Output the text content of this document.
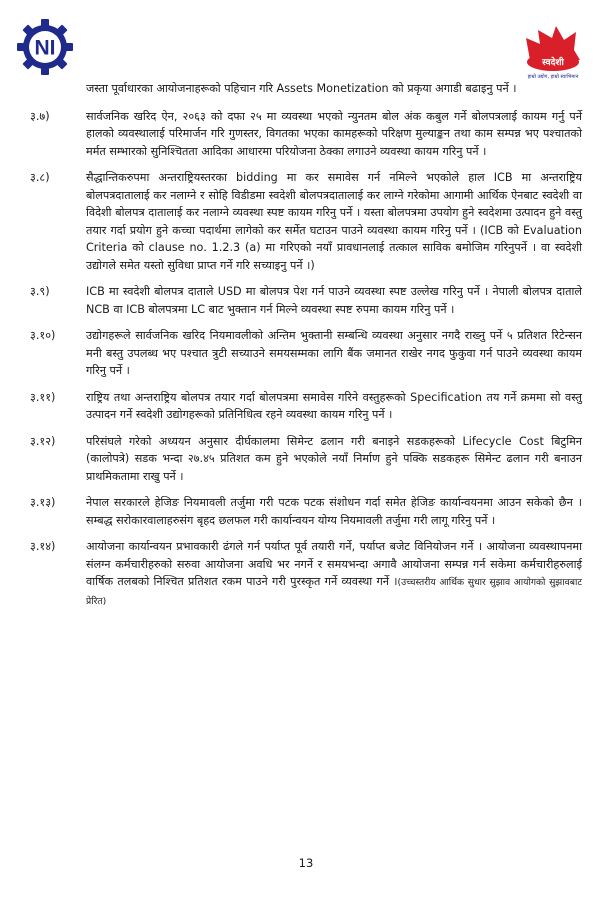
NI
स्वदेशी
हाम्रो उद्योग, हाम्रो स्वाभिमान
जस्ता पूर्वाधारका आयोजनाहरूको पहिचान गरि Assets Monetization को प्रकृया अगाडी बढाइनु पर्ने ।
३.७)	सार्वजनिक खरिद ऐन, २०६३ को दफा २५ मा व्यवस्था भएको न्युनतम बोल अंक कबुल गर्ने बोलपत्रलाई कायम गर्नु पर्ने हालको व्यवस्थालाई परिमार्जन गरि गुणस्तर, विगतका भएका कामहरूको परिक्षण मुल्याङ्कन तथा काम सम्पन्न भए पश्चातको मर्मत सम्भारको सुनिश्चितता आदिका आधारमा परियोजना ठेक्का लगाउने व्यवस्था कायम गरिनु पर्ने ।
३.८)	सैद्धान्तिकरुपमा अन्तराष्ट्रियस्तरका bidding मा कर समावेस गर्न नमिल्ने भएकोले हाल ICB मा अन्तराष्ट्रिय बोलपत्रदातालाई कर नलाग्ने र सोहि विडीडमा स्वदेशी बोलपत्रदातालाई कर लाग्ने गरेकोमा आगामी आर्थिक ऐनबाट स्वदेशी वा विदेशी बोलपत्र दातालाई कर नलाग्ने व्यवस्था स्पष्ट कायम गरिनु पर्ने । यस्ता बोलपत्रमा उपयोग हुने स्वदेशमा उत्पादन हुने वस्तु तयार गर्दा प्रयोग हुने कच्चा पदार्थमा लागेको कर सर्मेत घटाउन पाउने व्यवस्था कायम गरिनु पर्ने । (ICB को Evaluation Criteria को clause no. 1.2.3 (a) मा गरिएको नयाँ प्रावधानलाई तत्काल साविक बमोजिम गरिनुपर्ने । वा स्वदेशी उद्योगले समेत यस्तो सुविधा प्राप्त गर्ने गरि सच्याइनु पर्ने ।)
३.९)	ICB मा स्वदेशी बोलपत्र दाताले USD मा बोलपत्र पेश गर्न पाउने व्यवस्था स्पष्ट उल्लेख गरिनु पर्ने । नेपाली बोलपत्र दाताले NCB वा ICB बोलपत्रमा LC बाट भुक्तान गर्न मिल्ने व्यवस्था स्पष्ट रुपमा कायम गरिनु पर्ने ।
३.१०)	उद्योगहरूले सार्वजनिक खरिद नियमावलीको अन्तिम भुक्तानी सम्बन्धि व्यवस्था अनुसार नगदै राख्नु पर्ने ५ प्रतिशत रिटेन्सन मनी बस्तु उपलब्ध भए पश्चात त्रुटी सच्याउने समयसम्मका लागि बैंक जमानत राखेर नगद फुकुवा गर्न पाउने व्यवस्था कायम गरिनु पर्ने ।
३.११)	राष्ट्रिय तथा अन्तराष्ट्रिय बोलपत्र तयार गर्दा बोलपत्रमा समावेस गरिने वस्तुहरूको Specification तय गर्ने क्रममा सो वस्तु उत्पादन गर्ने स्वदेशी उद्योगहरूको प्रतिनिधित्व रहने व्यवस्था कायम गरिनु पर्ने ।
३.१२)	परिसंघले गरेको अध्ययन अनुसार दीर्घकालमा सिमेन्ट ढलान गरी बनाइने सडकहरूको Lifecycle Cost बिटुमिन (कालोपत्रे) सडक भन्दा २७.४५ प्रतिशत कम हुने भएकोले नयाँ निर्माण हुने पक्कि सडकहरू सिमेन्ट ढलान गरी बनाउन प्राथमिकतामा राखु पर्ने ।
३.१३)	नेपाल सरकारले हेजिङ नियमावली तर्जुमा गरी पटक पटक संशोधन गर्दा समेत हेजिङ कार्यान्वयनमा आउन सकेको छैन । सम्बद्ध सरोकारवालाहरुसंग बृहद छलफल गरी कार्यान्वयन योग्य नियमावली तर्जुमा गरी लागू गरिनु पर्ने ।
३.१४)	आयोजना कार्यान्वयन प्रभावकारी ढंगले गर्न पर्याप्त पूर्व तयारी गर्ने, पर्याप्त बजेट विनियोजन गर्ने । आयोजना व्यवस्थापनमा संलग्न कर्मचारीहरुको सरुवा आयोजना अवधि भर नगर्ने र समयभन्दा अगावै आयोजना सम्पन्न गर्न सकेमा कर्मचारीहरुलाई वार्षिक तलबको निश्चित प्रतिशत रकम पाउने गरी पुरस्कृत गर्ने व्यवस्था गर्ने ।(उच्चस्तरीय आर्थिक सुधार सुझाव आयोगको सुझावबाट प्रेरित)
13
